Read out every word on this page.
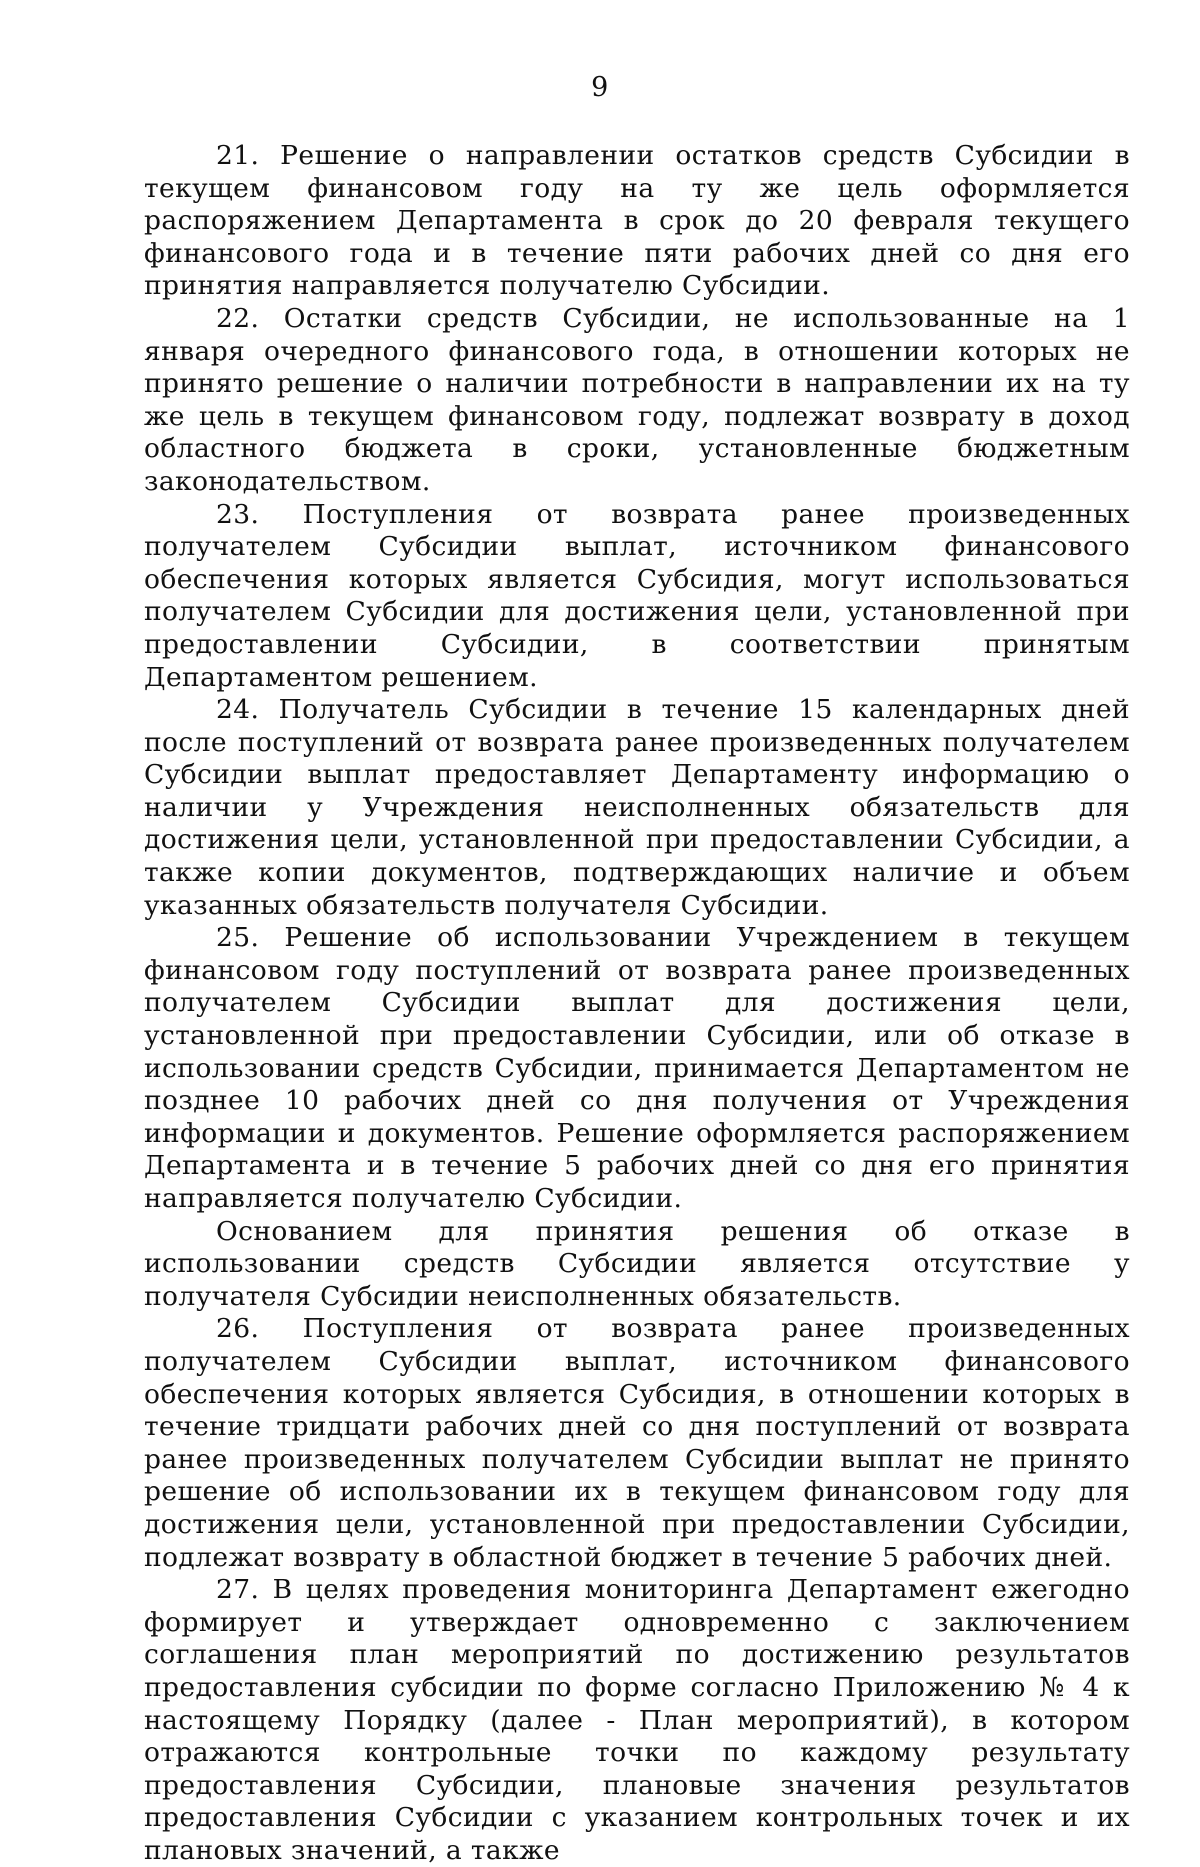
9

21. Решение о направлении остатков средств Субсидии в текущем финансовом году на ту же цель оформляется распоряжением Департамента в срок до 20 февраля текущего финансового года и в течение пяти рабочих дней со дня его принятия направляется получателю Субсидии.

22. Остатки средств Субсидии, не использованные на 1 января очередного финансового года, в отношении которых не принято решение о наличии потребности в направлении их на ту же цель в текущем финансовом году, подлежат возврату в доход областного бюджета в сроки, установленные бюджетным законодательством.

23. Поступления от возврата ранее произведенных получателем Субсидии выплат, источником финансового обеспечения которых является Субсидия, могут использоваться получателем Субсидии для достижения цели, установленной при предоставлении Субсидии, в соответствии принятым Департаментом решением.

24. Получатель Субсидии в течение 15 календарных дней после поступлений от возврата ранее произведенных получателем Субсидии выплат предоставляет Департаменту информацию о наличии у Учреждения неисполненных обязательств для достижения цели, установленной при предоставлении Субсидии, а также копии документов, подтверждающих наличие и объем указанных обязательств получателя Субсидии.

25. Решение об использовании Учреждением в текущем финансовом году поступлений от возврата ранее произведенных получателем Субсидии выплат для достижения цели, установленной при предоставлении Субсидии, или об отказе в использовании средств Субсидии, принимается Департаментом не позднее 10 рабочих дней со дня получения от Учреждения информации и документов. Решение оформляется распоряжением Департамента и в течение 5 рабочих дней со дня его принятия направляется получателю Субсидии.

Основанием для принятия решения об отказе в использовании средств Субсидии является отсутствие у получателя Субсидии неисполненных обязательств.

26. Поступления от возврата ранее произведенных получателем Субсидии выплат, источником финансового обеспечения которых является Субсидия, в отношении которых в течение тридцати рабочих дней со дня поступлений от возврата ранее произведенных получателем Субсидии выплат не принято решение об использовании их в текущем финансовом году для достижения цели, установленной при предоставлении Субсидии, подлежат возврату в областной бюджет в течение 5 рабочих дней.

27. В целях проведения мониторинга Департамент ежегодно формирует и утверждает одновременно с заключением соглашения план мероприятий по достижению результатов предоставления субсидии по форме согласно Приложению № 4 к настоящему Порядку (далее - План мероприятий), в котором отражаются контрольные точки по каждому результату предоставления Субсидии, плановые значения результатов предоставления Субсидии с указанием контрольных точек и их плановых значений, а также
